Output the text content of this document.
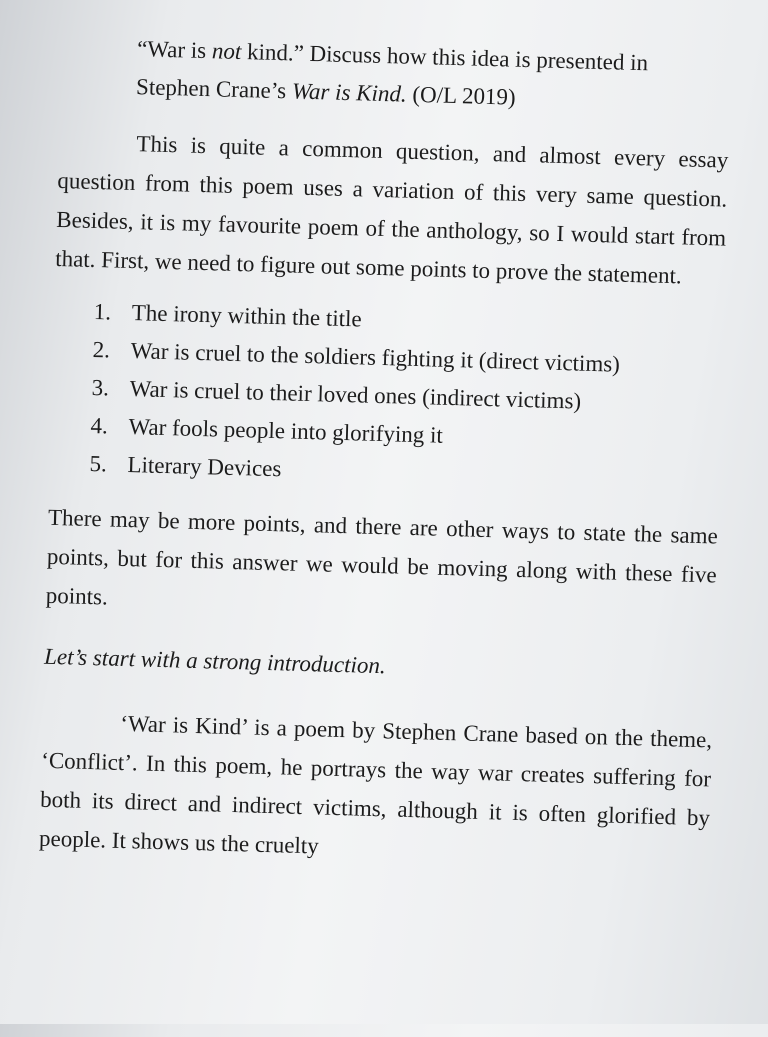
“War is not kind.” Discuss how this idea is presented in
Stephen Crane’s War is Kind. (O/L 2019)

This is quite a common question, and almost every essay question from this poem uses a variation of this very same question. Besides, it is my favourite poem of the anthology, so I would start from that. First, we need to figure out some points to prove the statement.

1. The irony within the title
2. War is cruel to the soldiers fighting it (direct victims)
3. War is cruel to their loved ones (indirect victims)
4. War fools people into glorifying it
5. Literary Devices

There may be more points, and there are other ways to state the same points, but for this answer we would be moving along with these five points.

Let’s start with a strong introduction.

‘War is Kind’ is a poem by Stephen Crane based on the theme, ‘Conflict’. In this poem, he portrays the way war creates suffering for both its direct and indirect victims, although it is often glorified by people. It shows us the cruelty
